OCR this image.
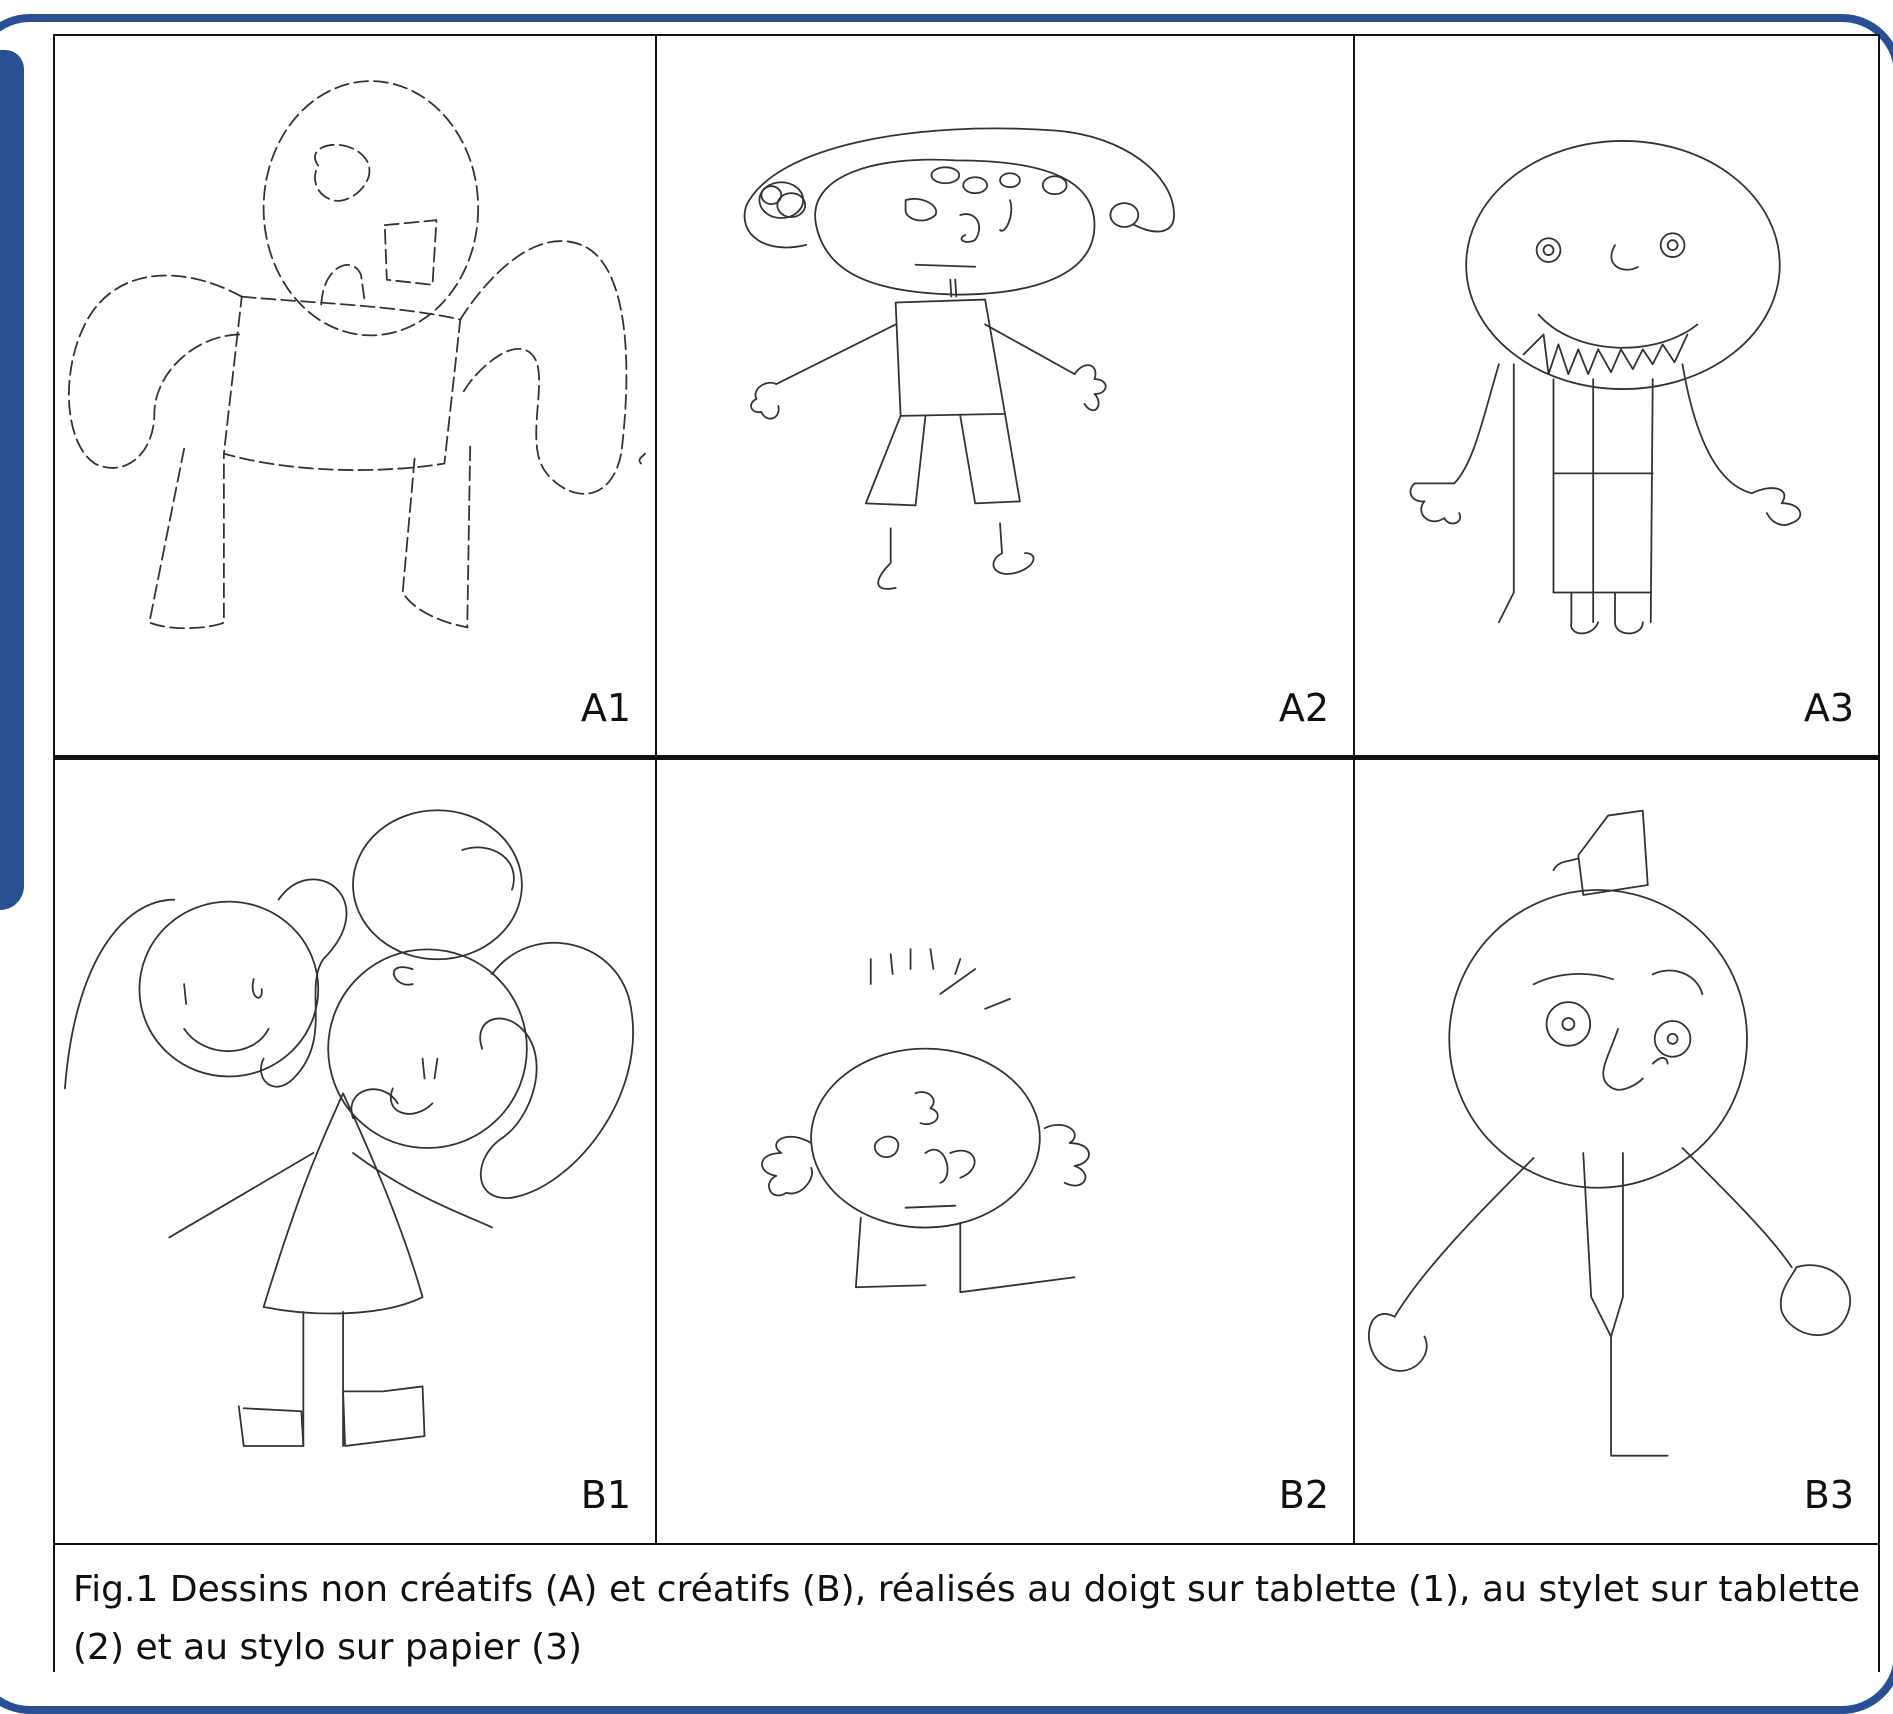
A1	A2	A3
B1	B2	B3
Fig.1 Dessins non créatifs (A) et créatifs (B), réalisés au doigt sur tablette (1), au stylet sur tablette (2) et au stylo sur papier (3)
